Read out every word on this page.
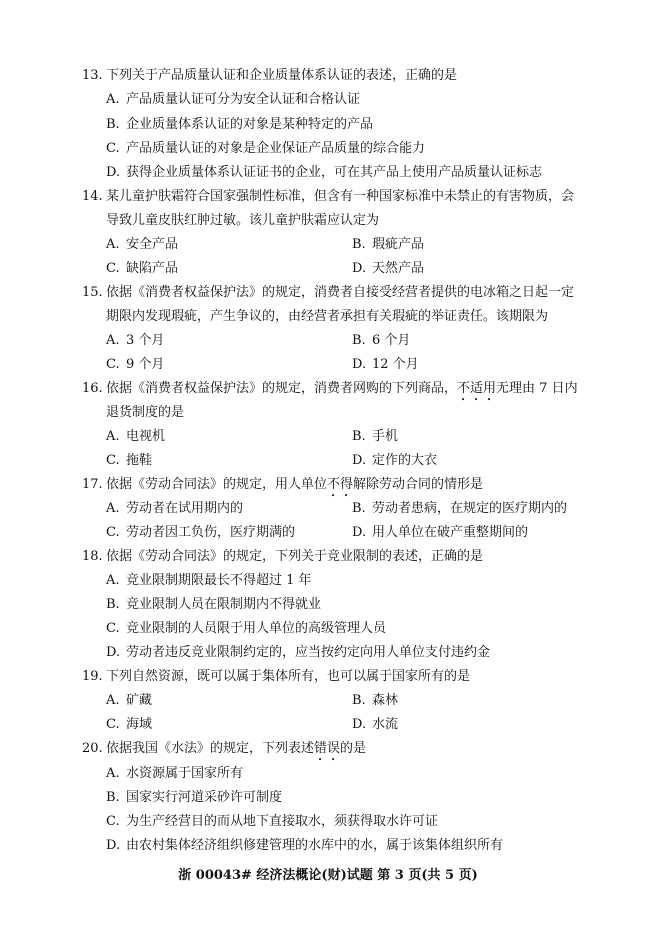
13. 下列关于产品质量认证和企业质量体系认证的表述，正确的是
A. 产品质量认证可分为安全认证和合格认证
B. 企业质量体系认证的对象是某种特定的产品
C. 产品质量认证的对象是企业保证产品质量的综合能力
D. 获得企业质量体系认证证书的企业，可在其产品上使用产品质量认证标志
14. 某儿童护肤霜符合国家强制性标准，但含有一种国家标准中未禁止的有害物质，会
导致儿童皮肤红肿过敏。该儿童护肤霜应认定为
A. 安全产品	B. 瑕疵产品
C. 缺陷产品	D. 天然产品
15. 依据《消费者权益保护法》的规定，消费者自接受经营者提供的电冰箱之日起一定
期限内发现瑕疵，产生争议的，由经营者承担有关瑕疵的举证责任。该期限为
A. 3 个月	B. 6 个月
C. 9 个月	D. 12 个月
16. 依据《消费者权益保护法》的规定，消费者网购的下列商品，不适用无理由 7 日内
退货制度的是
A. 电视机	B. 手机
C. 拖鞋	D. 定作的大衣
17. 依据《劳动合同法》的规定，用人单位不得解除劳动合同的情形是
A. 劳动者在试用期内的	B. 劳动者患病，在规定的医疗期内的
C. 劳动者因工负伤，医疗期满的	D. 用人单位在破产重整期间的
18. 依据《劳动合同法》的规定，下列关于竞业限制的表述，正确的是
A. 竞业限制期限最长不得超过 1 年
B. 竞业限制人员在限制期内不得就业
C. 竞业限制的人员限于用人单位的高级管理人员
D. 劳动者违反竞业限制约定的，应当按约定向用人单位支付违约金
19. 下列自然资源，既可以属于集体所有，也可以属于国家所有的是
A. 矿藏	B. 森林
C. 海域	D. 水流
20. 依据我国《水法》的规定，下列表述错误的是
A. 水资源属于国家所有
B. 国家实行河道采砂许可制度
C. 为生产经营目的而从地下直接取水，须获得取水许可证
D. 由农村集体经济组织修建管理的水库中的水，属于该集体组织所有
浙 00043# 经济法概论(财)试题 第 3 页(共 5 页)
